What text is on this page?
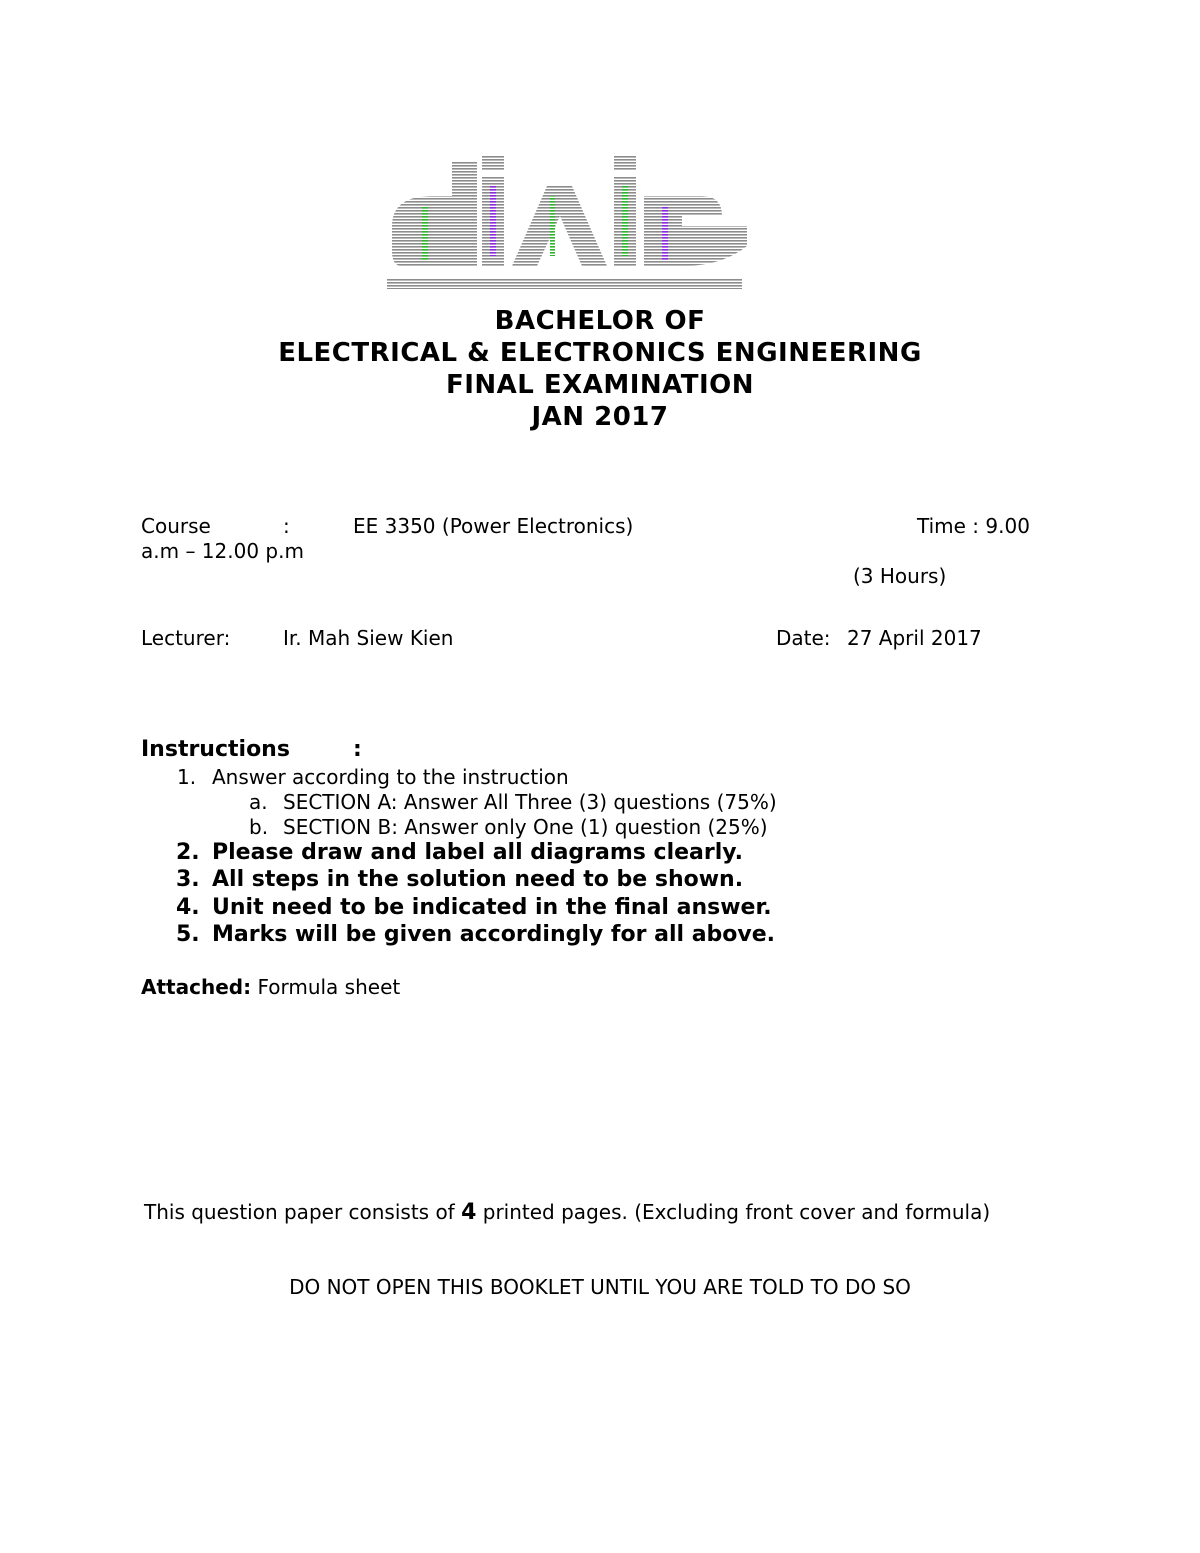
BACHELOR OF
ELECTRICAL & ELECTRONICS ENGINEERING
FINAL EXAMINATION
JAN 2017
Course	:	EE 3350 (Power Electronics)	Time : 9.00
a.m – 12.00 p.m
(3 Hours)
Lecturer:	Ir. Mah Siew Kien	Date: 27 April 2017
Instructions	:
1. Answer according to the instruction
a. SECTION A: Answer All Three (3) questions (75%)
b. SECTION B: Answer only One (1) question (25%)
2. Please draw and label all diagrams clearly.
3. All steps in the solution need to be shown.
4. Unit need to be indicated in the final answer.
5. Marks will be given accordingly for all above.
Attached: Formula sheet
This question paper consists of 4 printed pages. (Excluding front cover and formula)
DO NOT OPEN THIS BOOKLET UNTIL YOU ARE TOLD TO DO SO
